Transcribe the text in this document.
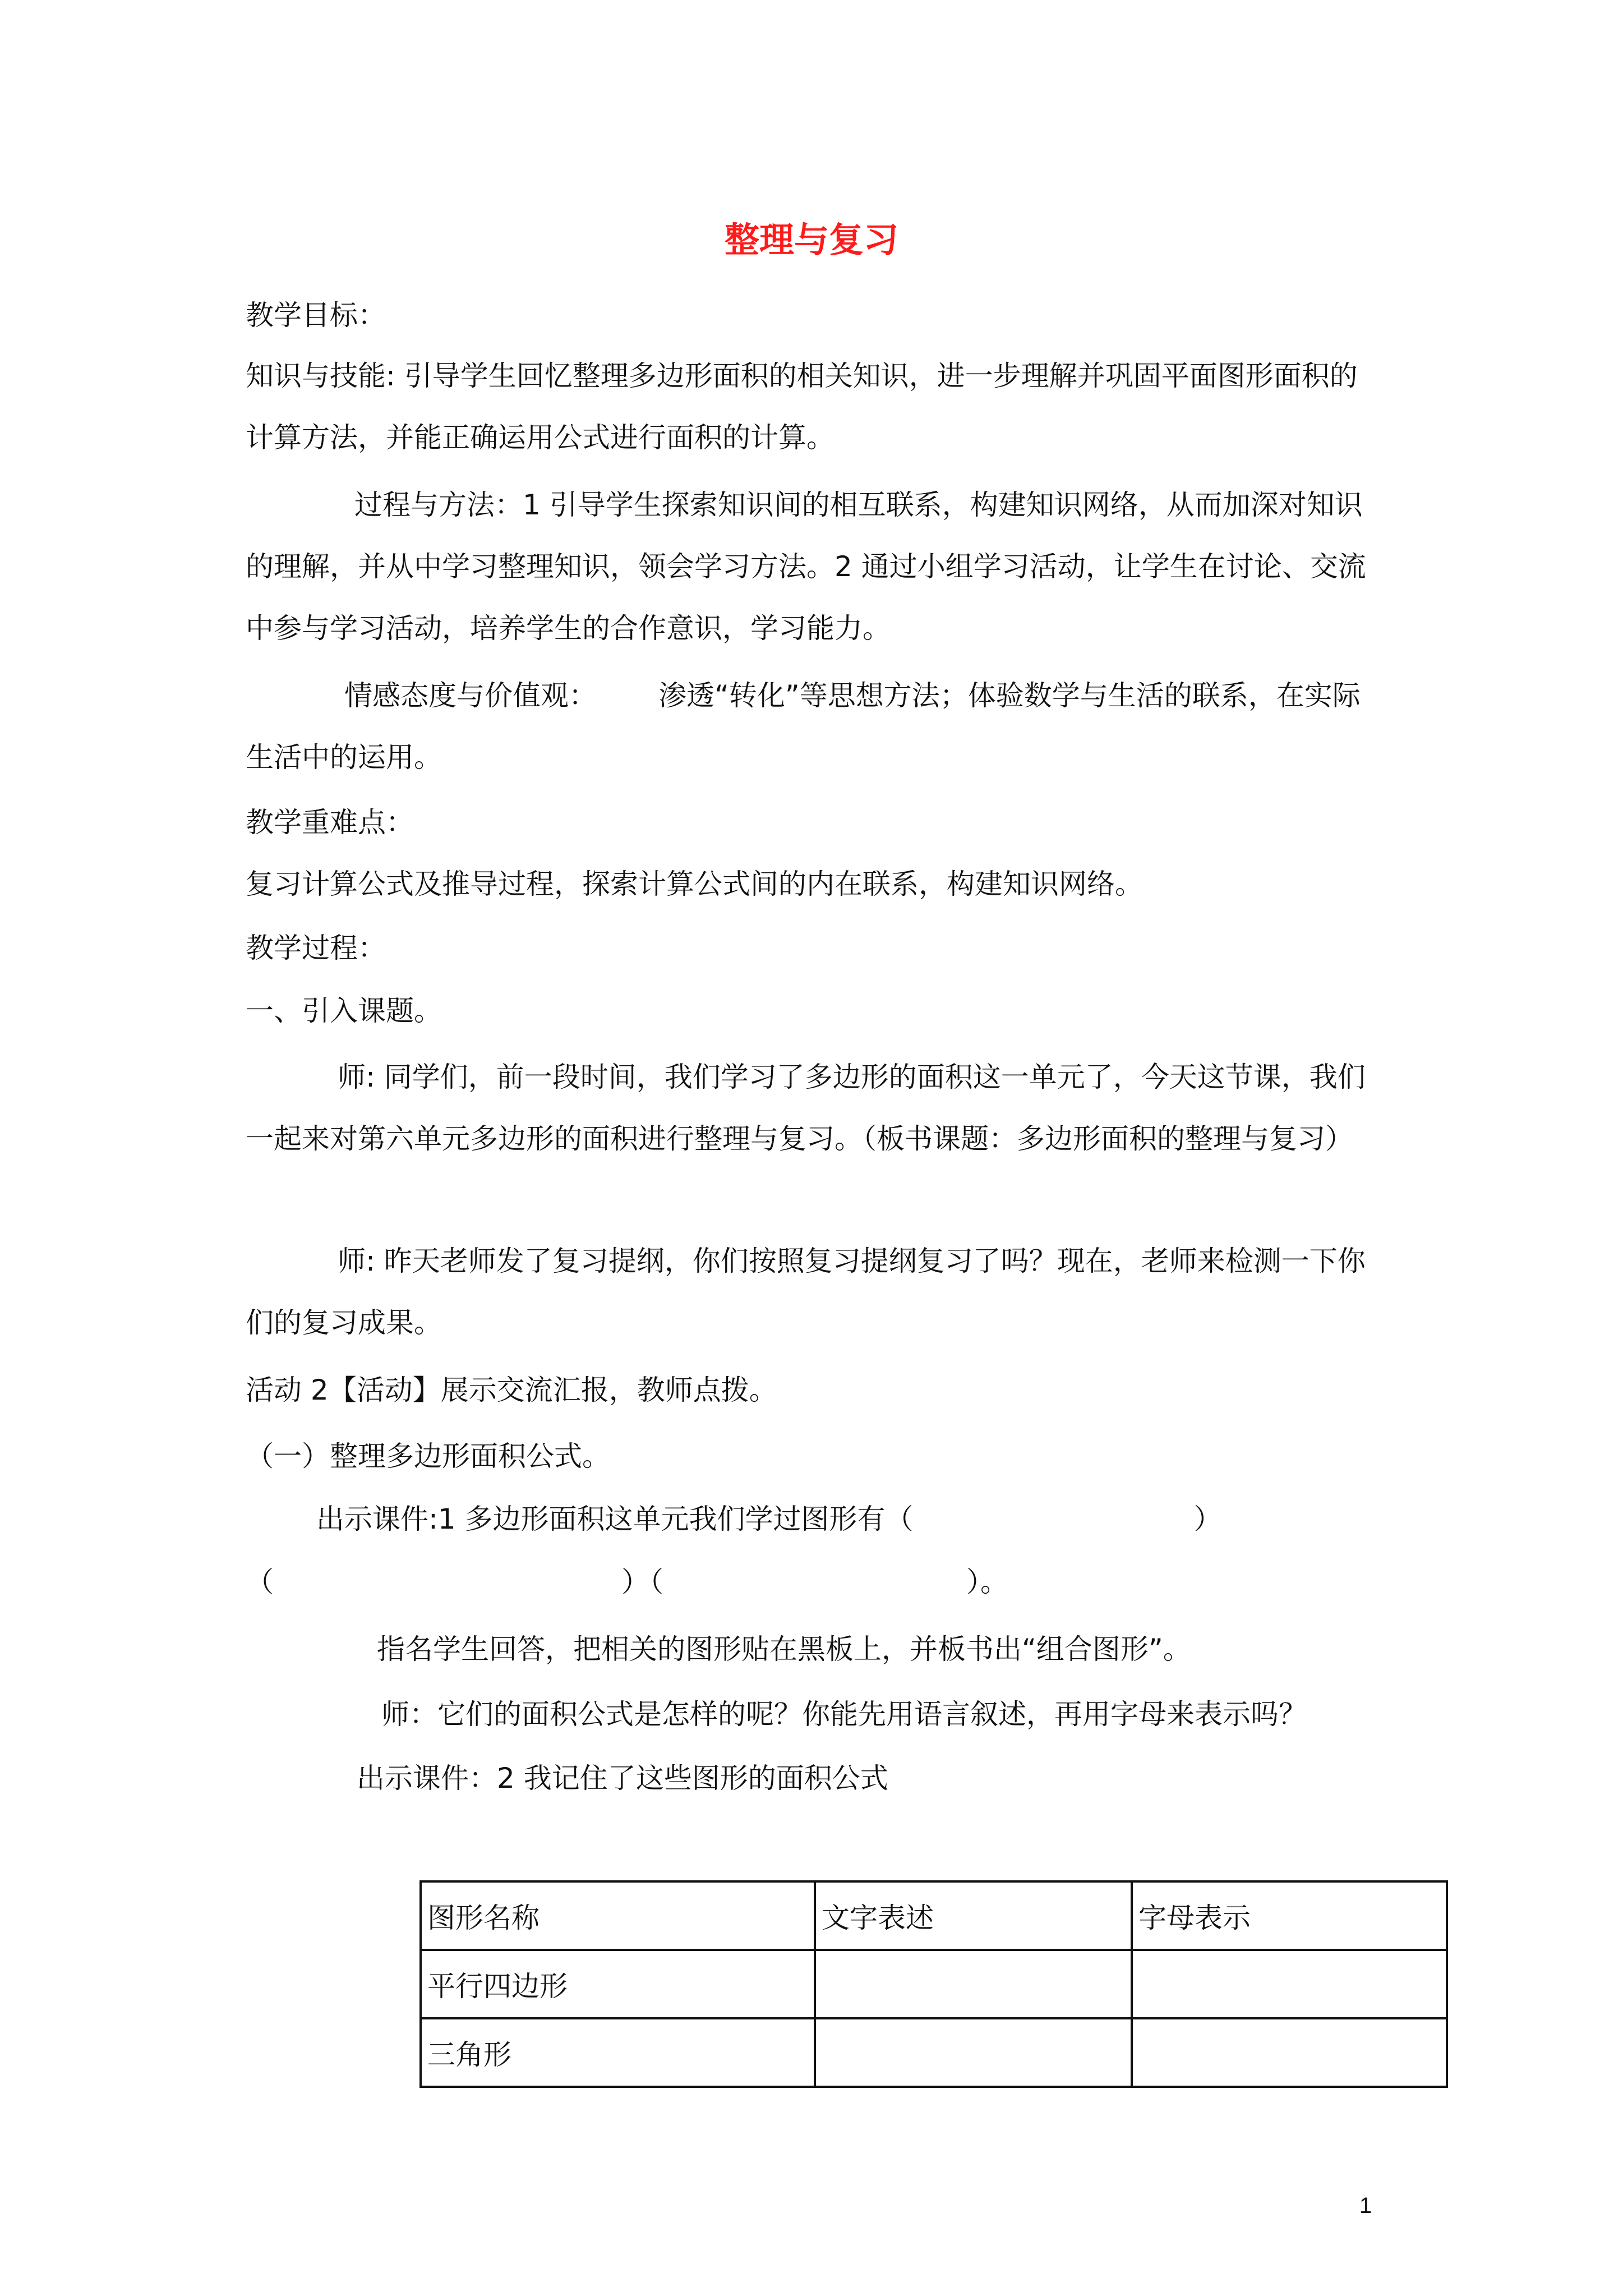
整理与复习
教学目标：
知识与技能: 引导学生回忆整理多边形面积的相关知识，进一步理解并巩固平面图形面积的
计算方法，并能正确运用公式进行面积的计算。
过程与方法：1 引导学生探索知识间的相互联系，构建知识网络，从而加深对知识
的理解，并从中学习整理知识，领会学习方法。2 通过小组学习活动，让学生在讨论、交流
中参与学习活动，培养学生的合作意识，学习能力。
情感态度与价值观： 渗透“转化”等思想方法；体验数学与生活的联系，在实际
生活中的运用。
教学重难点：
复习计算公式及推导过程，探索计算公式间的内在联系，构建知识网络。
教学过程：
一、引入课题。
师: 同学们，前一段时间，我们学习了多边形的面积这一单元了，今天这节课，我们
一起来对第六单元多边形的面积进行整理与复习。（板书课题：多边形面积的整理与复习）
师: 昨天老师发了复习提纲，你们按照复习提纲复习了吗？现在，老师来检测一下你
们的复习成果。
活动 2【活动】展示交流汇报，教师点拨。
（一）整理多边形面积公式。
出示课件:1 多边形面积这单元我们学过图形有（	）
（	）（	）。
指名学生回答，把相关的图形贴在黑板上，并板书出“组合图形”。
师：它们的面积公式是怎样的呢？你能先用语言叙述，再用字母来表示吗？
出示课件：2 我记住了这些图形的面积公式
图形名称	文字表述	字母表示
平行四边形		
三角形		
1
